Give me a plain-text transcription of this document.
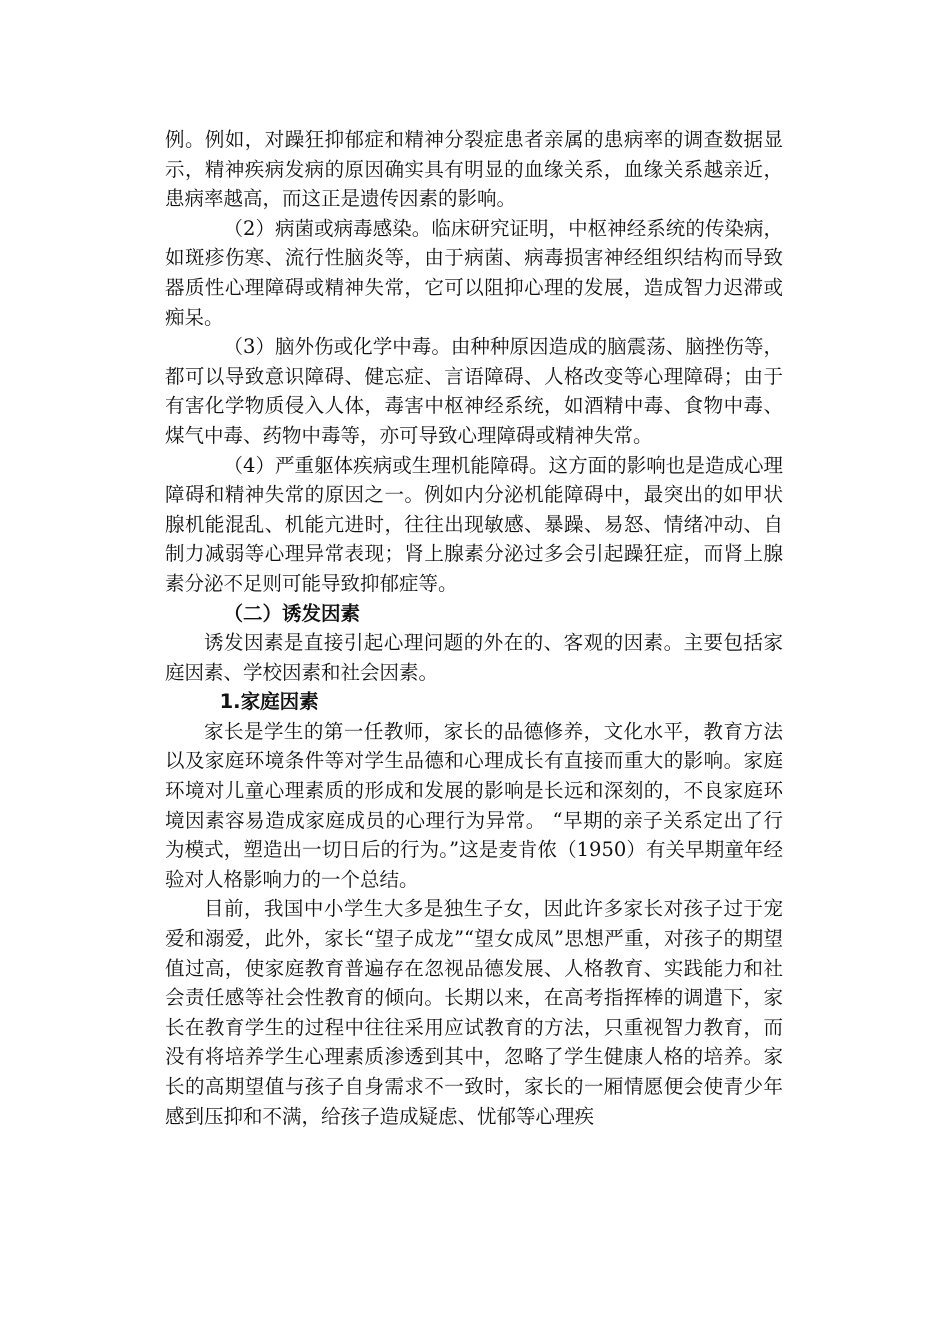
例。例如，对躁狂抑郁症和精神分裂症患者亲属的患病率的调查数据显示，精神疾病发病的原因确实具有明显的血缘关系，血缘关系越亲近，患病率越高，而这正是遗传因素的影响。

（2）病菌或病毒感染。临床研究证明，中枢神经系统的传染病，如斑疹伤寒、流行性脑炎等，由于病菌、病毒损害神经组织结构而导致器质性心理障碍或精神失常，它可以阻抑心理的发展，造成智力迟滞或痴呆。

（3）脑外伤或化学中毒。由种种原因造成的脑震荡、脑挫伤等，都可以导致意识障碍、健忘症、言语障碍、人格改变等心理障碍；由于有害化学物质侵入人体，毒害中枢神经系统，如酒精中毒、食物中毒、煤气中毒、药物中毒等，亦可导致心理障碍或精神失常。

（4）严重躯体疾病或生理机能障碍。这方面的影响也是造成心理障碍和精神失常的原因之一。例如内分泌机能障碍中，最突出的如甲状腺机能混乱、机能亢进时，往往出现敏感、暴躁、易怒、情绪冲动、自制力减弱等心理异常表现；肾上腺素分泌过多会引起躁狂症，而肾上腺素分泌不足则可能导致抑郁症等。

（二）诱发因素

诱发因素是直接引起心理问题的外在的、客观的因素。主要包括家庭因素、学校因素和社会因素。

1.家庭因素

家长是学生的第一任教师，家长的品德修养，文化水平，教育方法以及家庭环境条件等对学生品德和心理成长有直接而重大的影响。家庭环境对儿童心理素质的形成和发展的影响是长远和深刻的，不良家庭环境因素容易造成家庭成员的心理行为异常。 “早期的亲子关系定出了行为模式，塑造出一切日后的行为。”这是麦肯侬（1950）有关早期童年经验对人格影响力的一个总结。

目前，我国中小学生大多是独生子女，因此许多家长对孩子过于宠爱和溺爱，此外，家长“望子成龙”“望女成凤”思想严重，对孩子的期望值过高，使家庭教育普遍存在忽视品德发展、人格教育、实践能力和社会责任感等社会性教育的倾向。长期以来，在高考指挥棒的调遣下，家长在教育学生的过程中往往采用应试教育的方法，只重视智力教育，而没有将培养学生心理素质渗透到其中，忽略了学生健康人格的培养。家长的高期望值与孩子自身需求不一致时，家长的一厢情愿便会使青少年感到压抑和不满，给孩子造成疑虑、忧郁等心理疾
